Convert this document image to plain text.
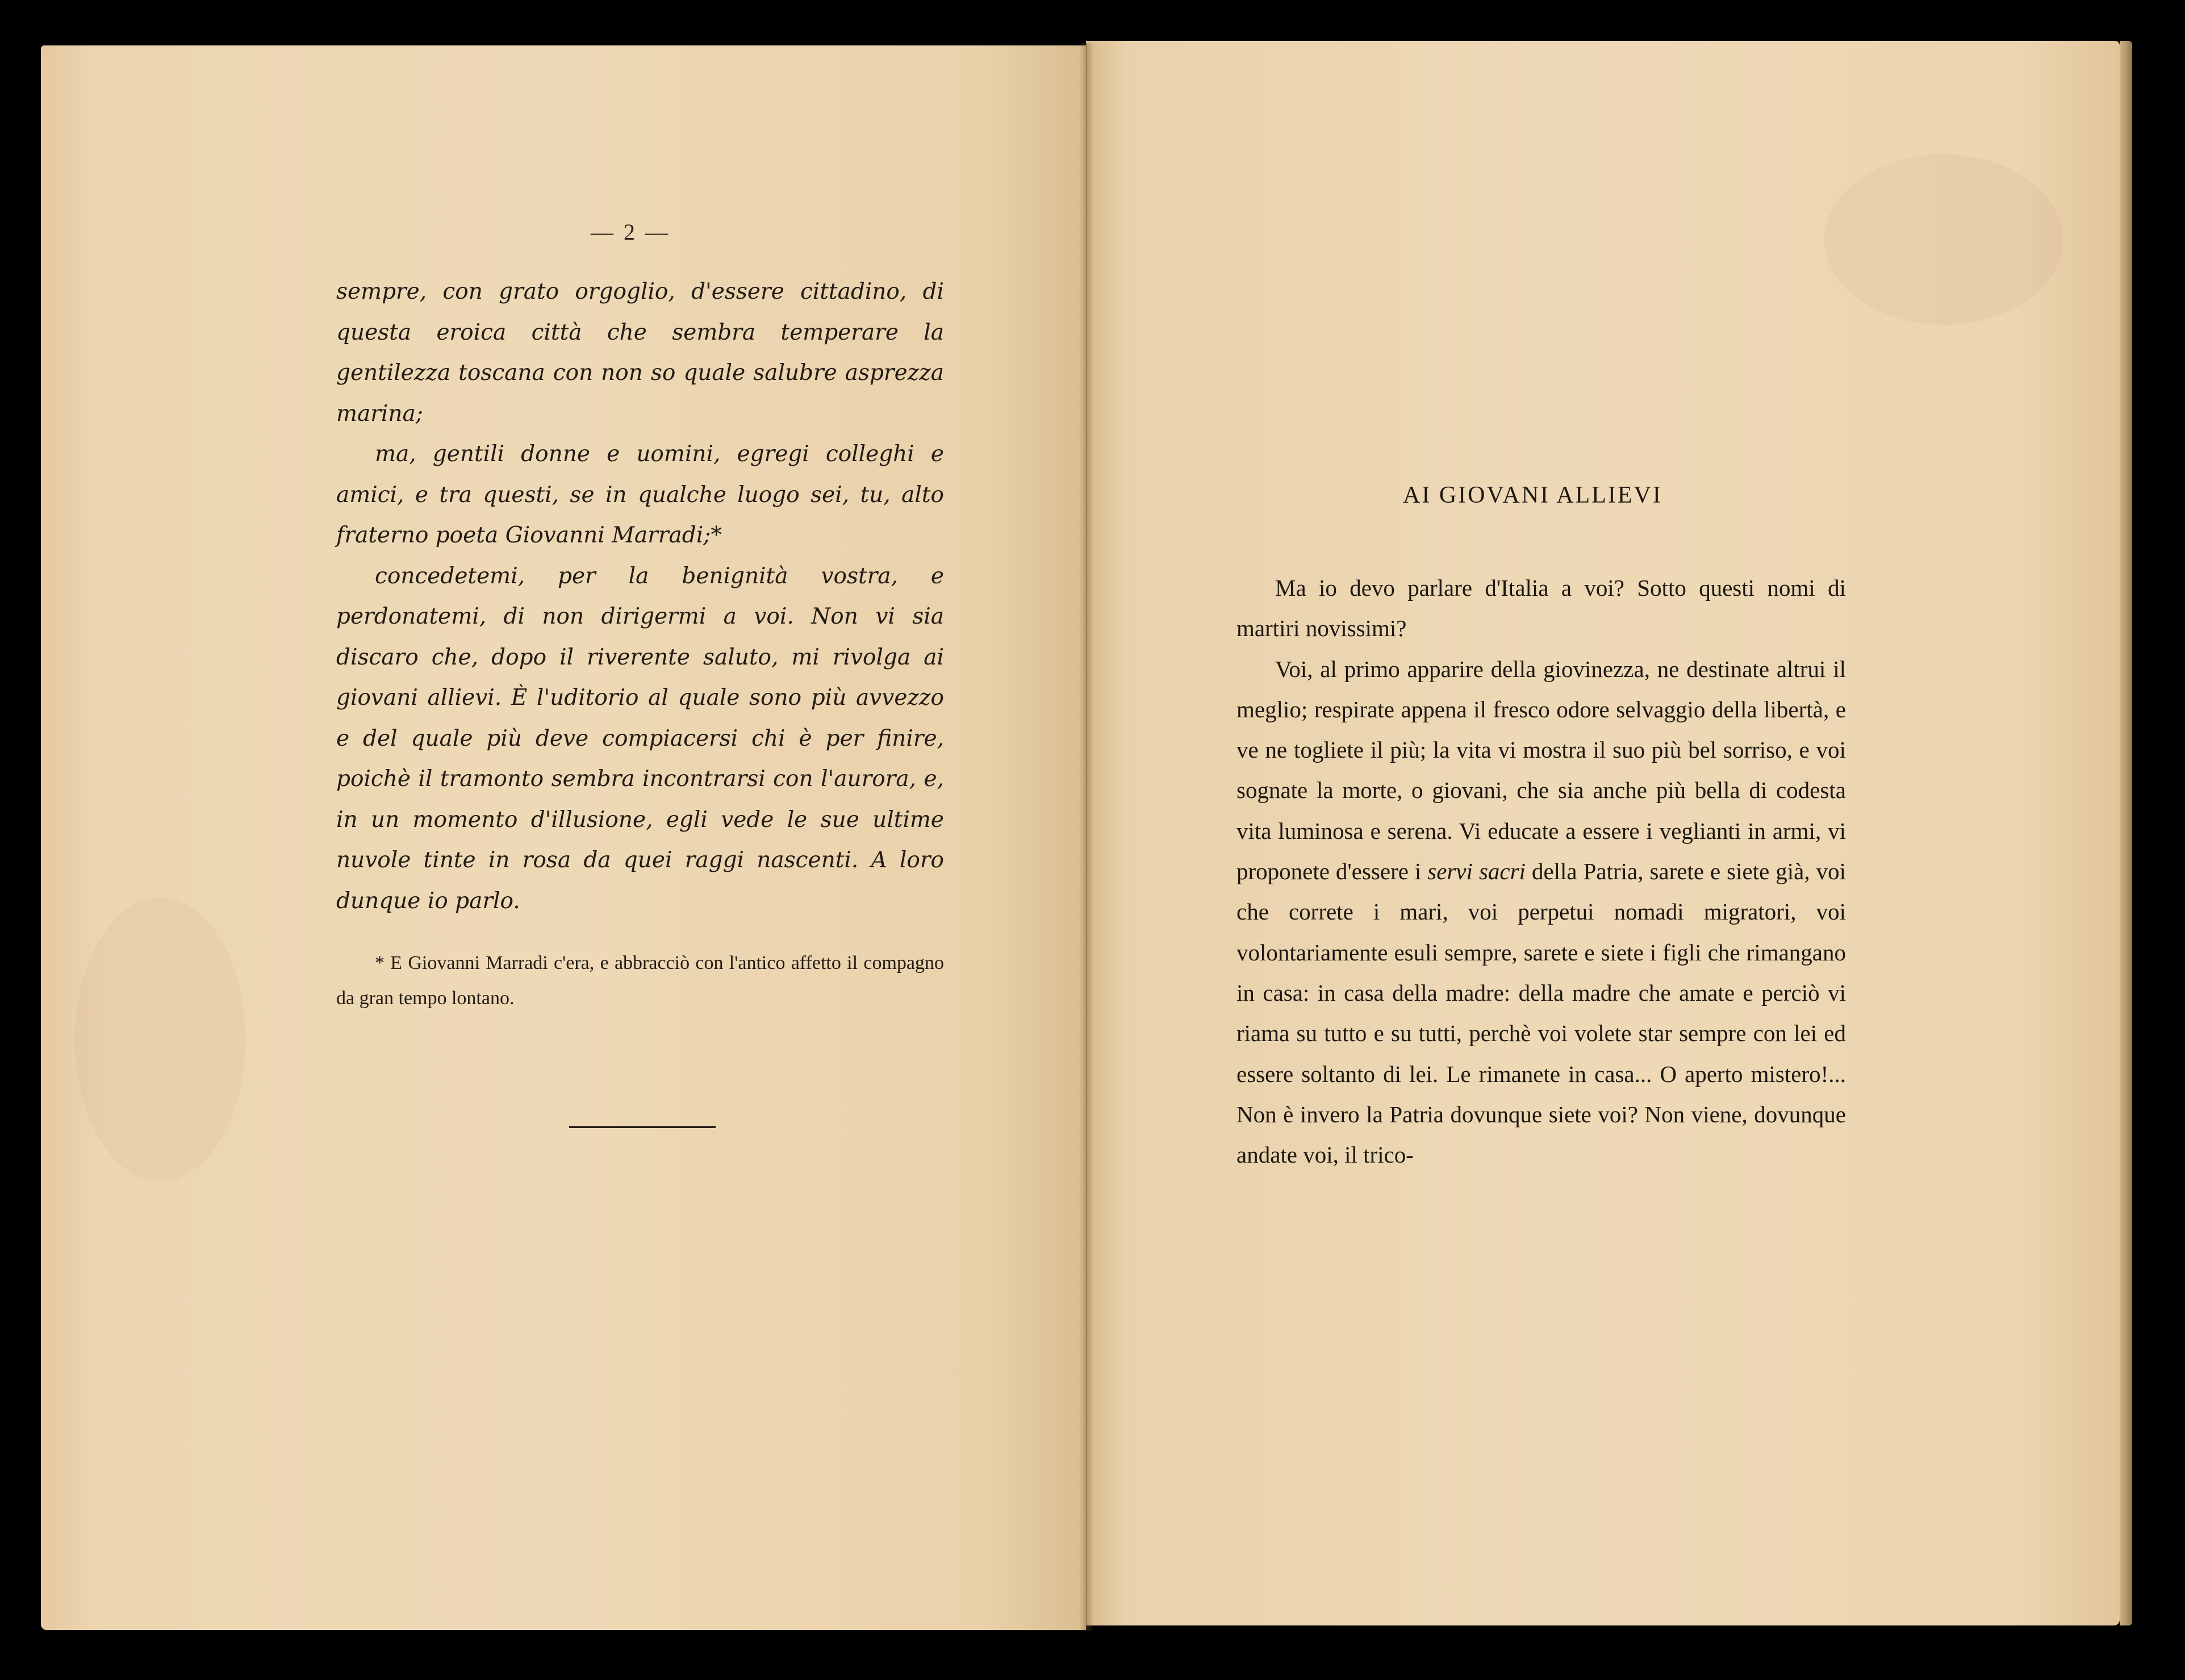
— 2 —

sempre, con grato orgoglio, d'essere cittadino, di questa eroica città che sembra temperare la gentilezza toscana con non so quale salubre asprezza marina;

ma, gentili donne e uomini, egregi colleghi e amici, e tra questi, se in qualche luogo sei, tu, alto fraterno poeta Giovanni Marradi;*

concedetemi, per la benignità vostra, e perdonatemi, di non dirigermi a voi. Non vi sia discaro che, dopo il riverente saluto, mi rivolga ai giovani allievi. È l'uditorio al quale sono più avvezzo e del quale più deve compiacersi chi è per finire, poichè il tramonto sembra incontrarsi con l'aurora, e, in un momento d'illusione, egli vede le sue ultime nuvole tinte in rosa da quei raggi nascenti. A loro dunque io parlo.

* E Giovanni Marradi c'era, e abbracciò con l'antico affetto il compagno da gran tempo lontano.
AI GIOVANI ALLIEVI

Ma io devo parlare d'Italia a voi? Sotto questi nomi di martiri novissimi?

Voi, al primo apparire della giovinezza, ne destinate altrui il meglio; respirate appena il fresco odore selvaggio della libertà, e ve ne togliete il più; la vita vi mostra il suo più bel sorriso, e voi sognate la morte, o giovani, che sia anche più bella di codesta vita luminosa e serena. Vi educate a essere i veglianti in armi, vi proponete d'essere i servi sacri della Patria, sarete e siete già, voi che correte i mari, voi perpetui nomadi migratori, voi volontariamente esuli sempre, sarete e siete i figli che rimangano in casa: in casa della madre: della madre che amate e perciò vi riama su tutto e su tutti, perchè voi volete star sempre con lei ed essere soltanto di lei. Le rimanete in casa... O aperto mistero!... Non è invero la Patria dovunque siete voi? Non viene, dovunque andate voi, il trico-
